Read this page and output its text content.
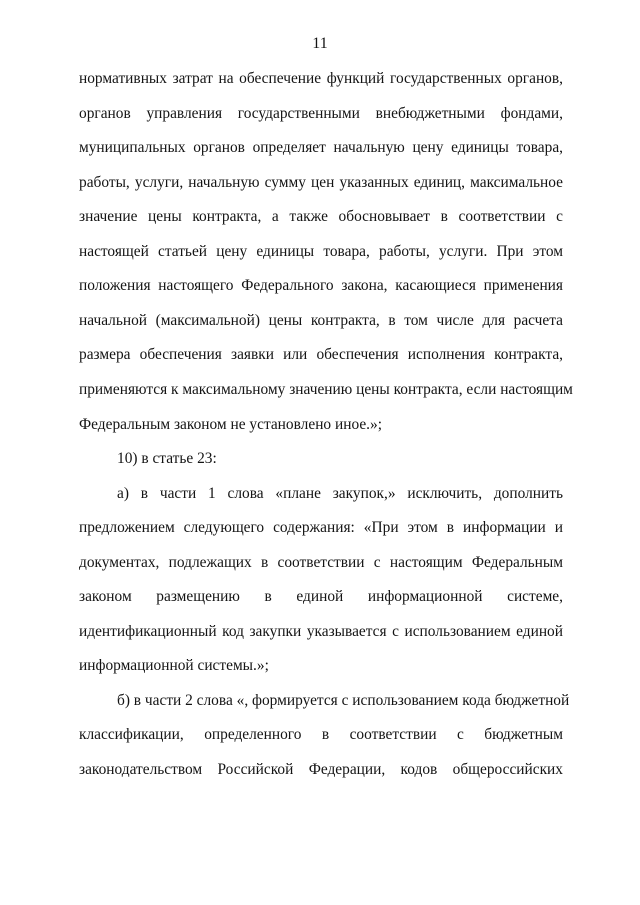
11
нормативных затрат на обеспечение функций государственных органов,
органов управления государственными внебюджетными фондами,
муниципальных органов определяет начальную цену единицы товара,
работы, услуги, начальную сумму цен указанных единиц, максимальное
значение цены контракта, а также обосновывает в соответствии с
настоящей статьей цену единицы товара, работы, услуги. При этом
положения настоящего Федерального закона, касающиеся применения
начальной (максимальной) цены контракта, в том числе для расчета
размера обеспечения заявки или обеспечения исполнения контракта,
применяются к максимальному значению цены контракта, если настоящим
Федеральным законом не установлено иное.»;
10) в статье 23:
а) в части 1 слова «плане закупок,» исключить, дополнить
предложением следующего содержания: «При этом в информации и
документах, подлежащих в соответствии с настоящим Федеральным
законом размещению в единой информационной системе,
идентификационный код закупки указывается с использованием единой
информационной системы.»;
б) в части 2 слова «, формируется с использованием кода бюджетной
классификации, определенного в соответствии с бюджетным
законодательством Российской Федерации, кодов общероссийских
